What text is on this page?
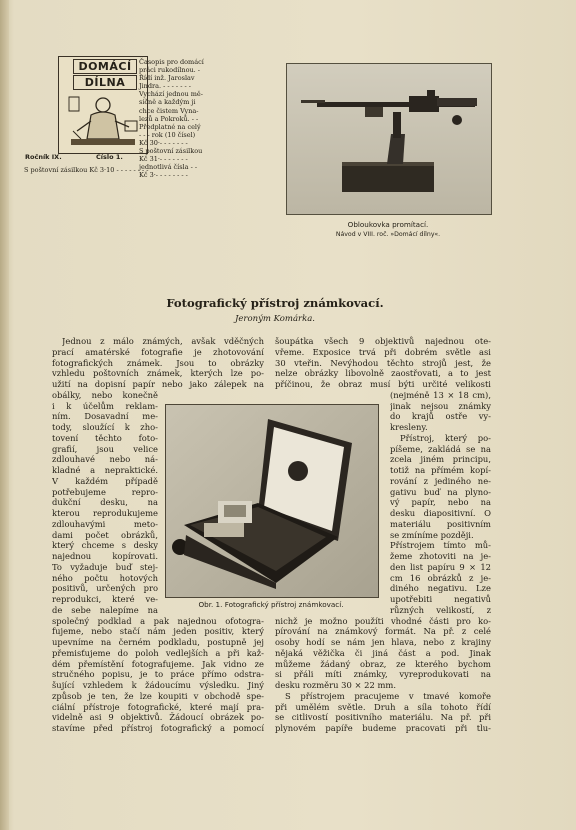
DOMÁCÍ
DÍLNA
Časopis pro domácí
práci rukodílnou. -
Řídí inž. Jaroslav
Jindra. - - - - - - -
Vychází jednou mě-
síčně a každým ji
chce čistem Vyna-
lezů a Pokroků. - -
Předplatné na celý
- - - rok (10 čísel)
Kč 30·- - - - - - -
S poštovní zásilkou
Kč 31·- - - - - - -
jednotlivá čísla - -
Kč 3·- - - - - - - -
Ročník IX.	Číslo 1.
S poštovní zásilkou Kč 3·10 - - - - - - - -
Obloukovka promítací.
Návod v VIII. roč. »Domácí dílny«.
Fotografický přístroj známkovací.
Jeroným Komárka.
Obr. 1. Fotografický přístroj známkovací.
Jednou z málo známých, avšak vděčných
prací amatérské fotografie je zhotovování
fotografických známek. Jsou to obrázky
vzhledu poštovních známek, kterých lze po-
užití na dopisní papír nebo jako zálepek na
obálky, nebo konečně
i k účelům reklam-
ním. Dosavadní me-
tody, sloužící k zho-
tovení těchto foto-
grafií, jsou velice
zdlouhavé nebo ná-
kladné a nepraktické.
V každém případě
potřebujeme repro-
dukční desku, na
kterou reprodukujeme
zdlouhavými meto-
dami počet obrázků,
který chceme s desky
najednou kopírovati.
To vyžaduje buď stej-
ného počtu hotových
positivů, určených pro
reprodukci, které ve-
de sebe nalepíme na
společný podklad a pak najednou ofotogra-
fujeme, nebo stačí nám jeden positiv, který
upevníme na černém podkladu, postupně jej
přemisťujeme do poloh vedlejších a při kaž-
dém přemístění fotografujeme. Jak vidno ze
stručného popisu, je to práce přímo odstra-
šující vzhledem k žádoucímu výsledku. Jiný
způsob je ten, že lze koupiti v obchodě spe-
ciální přístroje fotografické, které mají pra-
videlně asi 9 objektivů. Žádoucí obrázek po-
stavíme před přístroj fotografický a pomocí
šoupátka všech 9 objektivů najednou ote-
vřeme. Exposice trvá při dobrém světle asi
30 vteřin. Nevýhodou těchto strojů jest, že
nelze obrázky libovolně zaostřovati, a to jest
příčinou, že obraz musí býti určité velikosti
(nejméně 13 × 18 cm),
jinak nejsou známky
do krajů ostře vy-
kresleny.
Přístroj, který po-
píšeme, zakládá se na
zcela jiném principu,
totiž na přímém kopí-
rování z jediného ne-
gativu buď na plyno-
vý papír, nebo na
desku diapositivní. O
materiálu positivním
se zmíníme později.
Přístrojem tímto mů-
žeme zhotoviti na je-
den list papíru 9 × 12
cm 16 obrázků z je-
diného negativu. Lze
upotřebiti negativů
různých velikostí, z
nichž je možno použíti vhodné části pro ko-
pírování na známkový formát. Na př. z celé
osoby hodí se nám jen hlava, nebo z krajiny
nějaká věžička či jiná část a pod. Jinak
můžeme žádaný obraz, ze kterého bychom
si přáli míti známky, vyreprodukovati na
desku rozměru 30 × 22 mm.
S přístrojem pracujeme v tmavé komoře
při umělém světle. Druh a síla tohoto řídí
se citlivostí positivního materiálu. Na př. při
plynovém papíře budeme pracovati při tlu-
